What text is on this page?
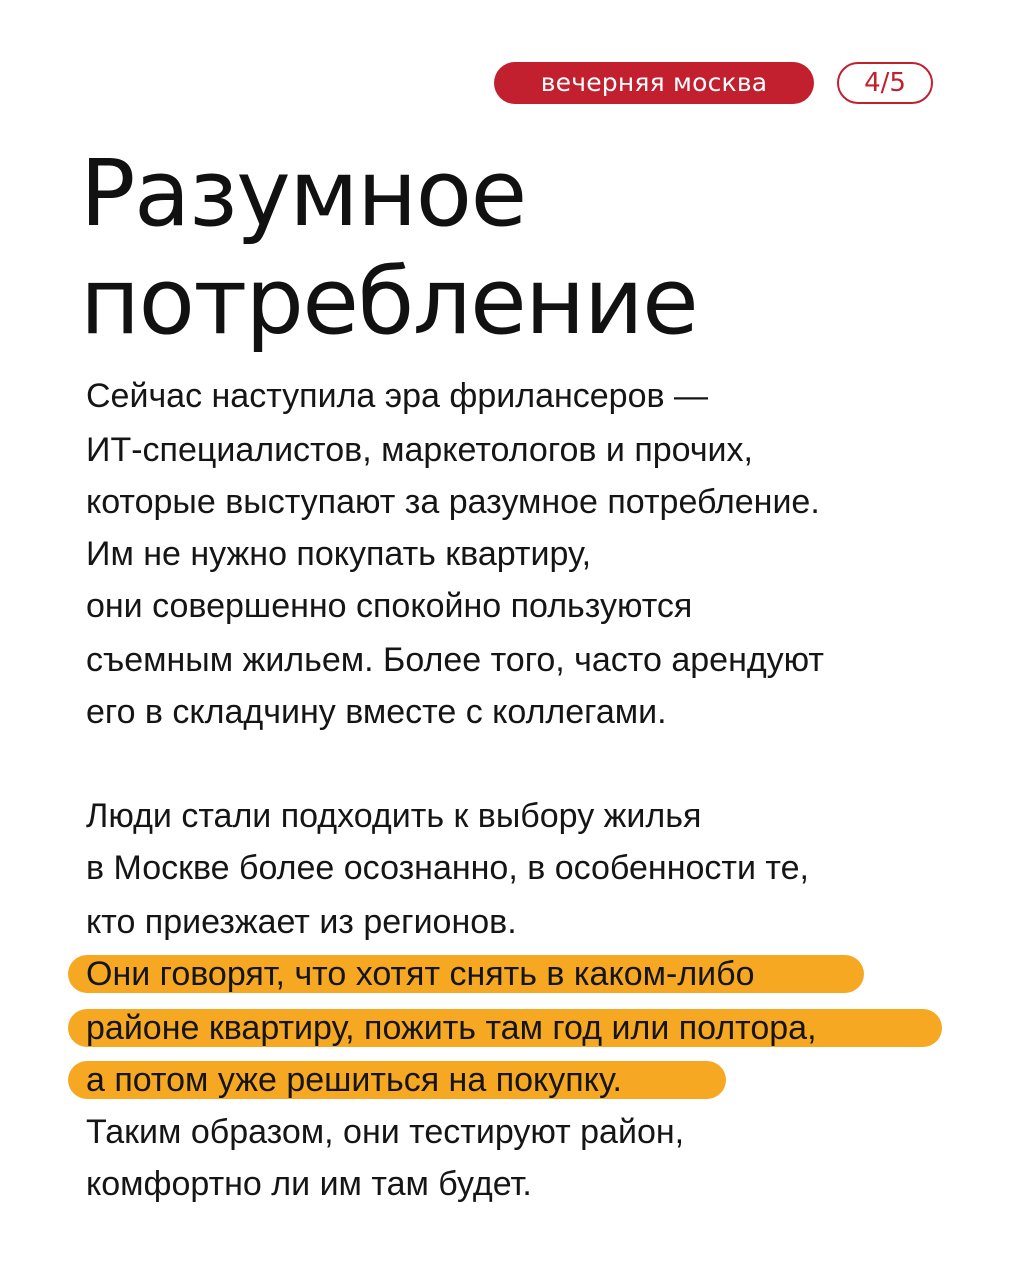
вечерняя москва	4/5
Разумное
потребление
Сейчас наступила эра фрилансеров —
ИТ-специалистов, маркетологов и прочих,
которые выступают за разумное потребление.
Им не нужно покупать квартиру,
они совершенно спокойно пользуются
съемным жильем. Более того, часто арендуют
его в складчину вместе с коллегами.
Люди стали подходить к выбору жилья
в Москве более осознанно, в особенности те,
кто приезжает из регионов.
Они говорят, что хотят снять в каком-либо
районе квартиру, пожить там год или полтора,
а потом уже решиться на покупку.
Таким образом, они тестируют район,
комфортно ли им там будет.
